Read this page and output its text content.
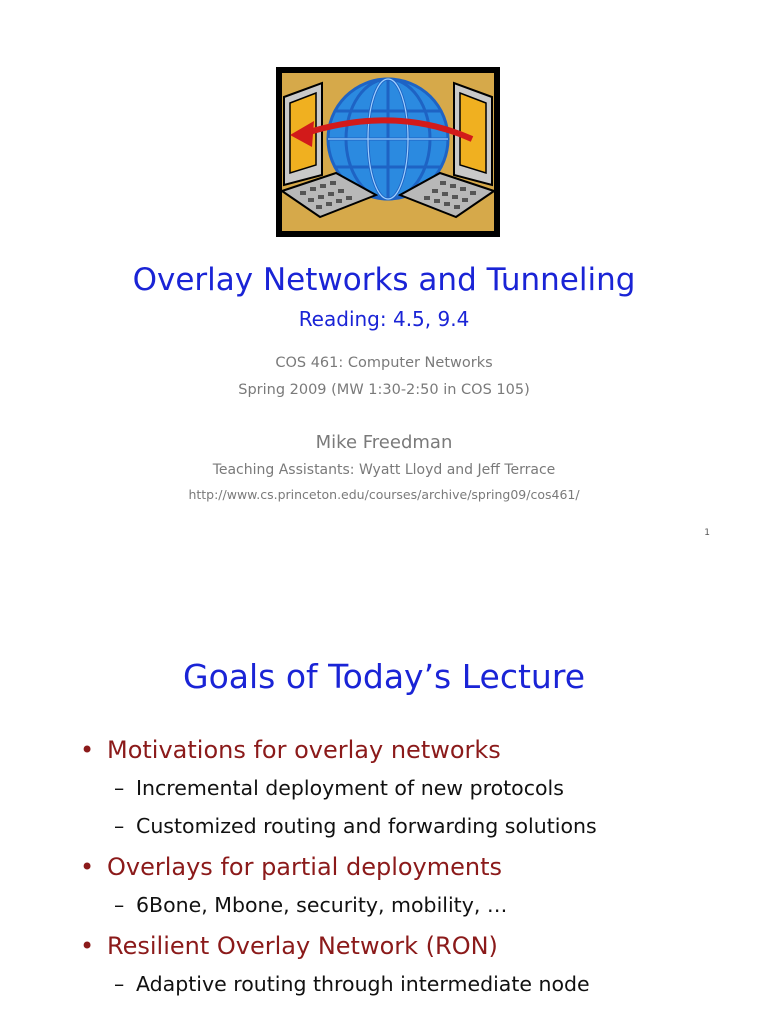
Overlay Networks and Tunneling
Reading: 4.5, 9.4
COS 461: Computer Networks
Spring 2009 (MW 1:30-2:50 in COS 105)
Mike Freedman
Teaching Assistants: Wyatt Lloyd and Jeff Terrace
http://www.cs.princeton.edu/courses/archive/spring09/cos461/
1
Goals of Today’s Lecture
• Motivations for overlay networks
– Incremental deployment of new protocols
– Customized routing and forwarding solutions
• Overlays for partial deployments
– 6Bone, Mbone, security, mobility, …
• Resilient Overlay Network (RON)
– Adaptive routing through intermediate node
